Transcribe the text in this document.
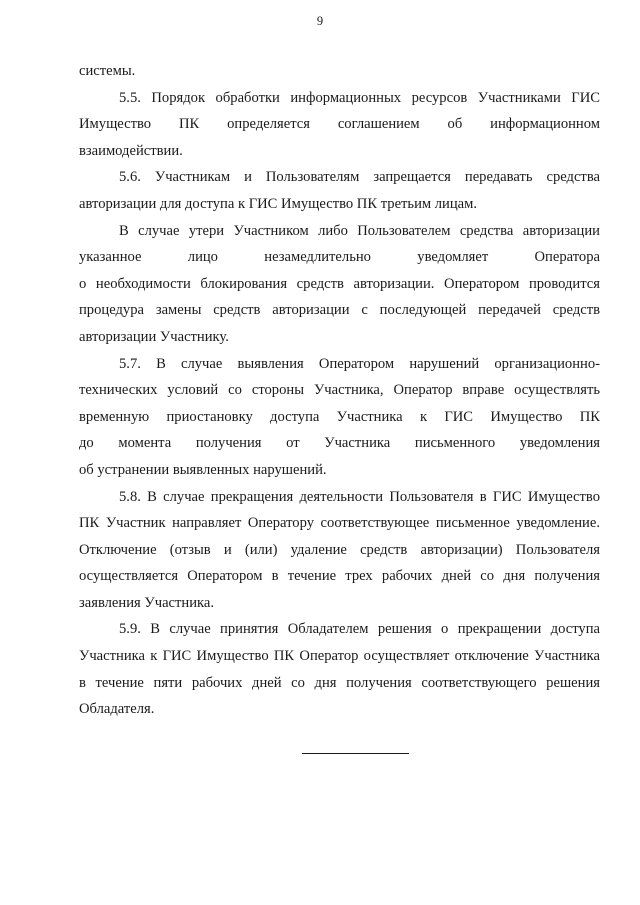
9
системы.
5.5. Порядок обработки информационных ресурсов Участниками ГИС
Имущество ПК определяется соглашением об информационном
взаимодействии.
5.6. Участникам и Пользователям запрещается передавать средства
авторизации для доступа к ГИС Имущество ПК третьим лицам.
В случае утери Участником либо Пользователем средства авторизации
указанное лицо незамедлительно уведомляет Оператора
о необходимости блокирования средств авторизации. Оператором проводится
процедура замены средств авторизации с последующей передачей средств
авторизации Участнику.
5.7. В случае выявления Оператором нарушений организационно-
технических условий со стороны Участника, Оператор вправе осуществлять
временную приостановку доступа Участника к ГИС Имущество ПК
до момента получения от Участника письменного уведомления
об устранении выявленных нарушений.
5.8. В случае прекращения деятельности Пользователя в ГИС Имущество
ПК Участник направляет Оператору соответствующее письменное уведомление.
Отключение (отзыв и (или) удаление средств авторизации) Пользователя
осуществляется Оператором в течение трех рабочих дней со дня получения
заявления Участника.
5.9. В случае принятия Обладателем решения о прекращении доступа
Участника к ГИС Имущество ПК Оператор осуществляет отключение Участника
в течение пяти рабочих дней со дня получения соответствующего решения
Обладателя.
